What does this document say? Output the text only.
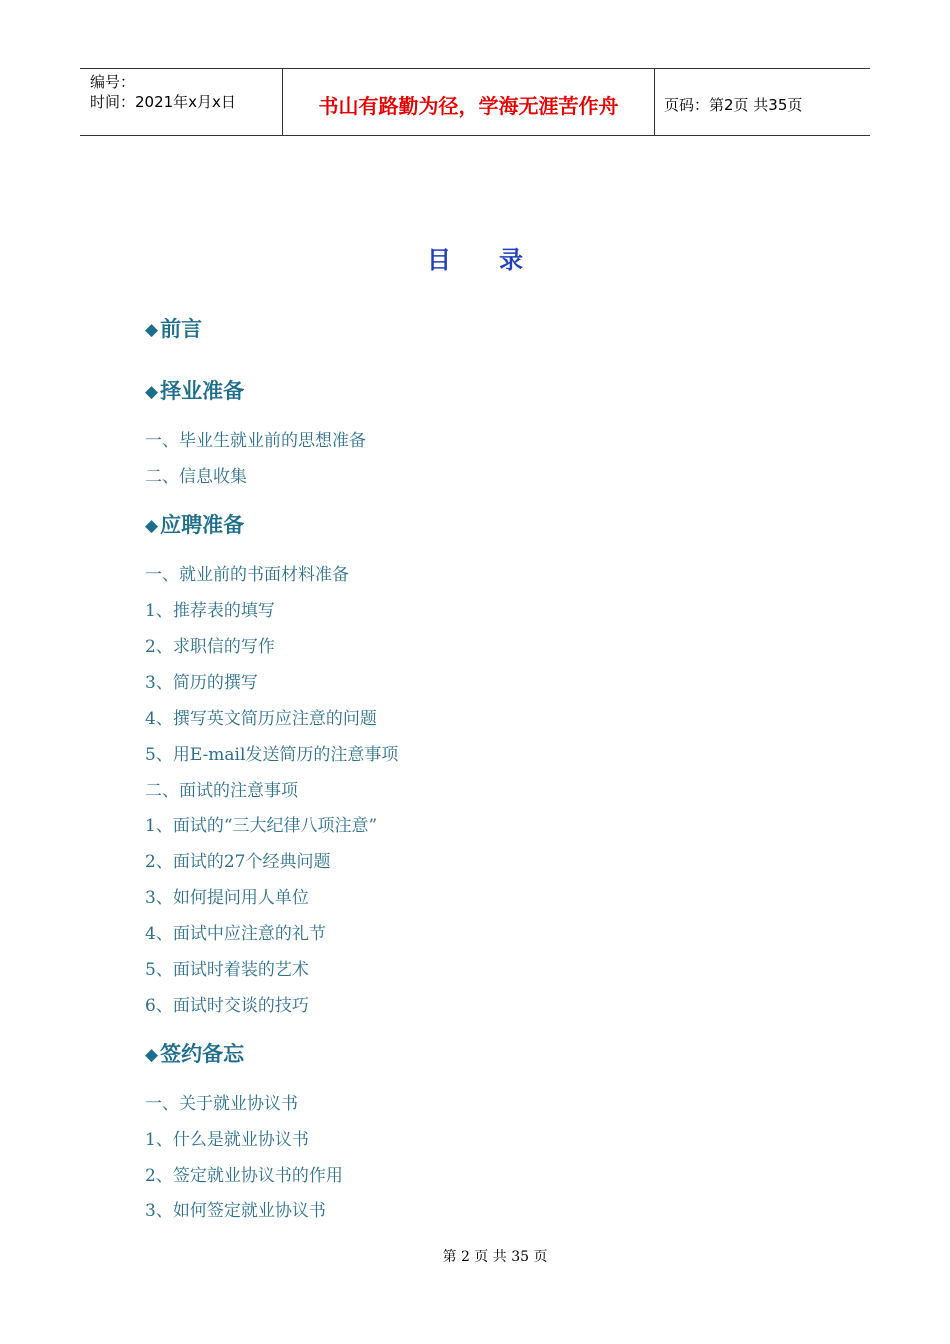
编号：
时间：2021年x月x日	书山有路勤为径，学海无涯苦作舟	页码：第2页 共35页
目录
◆前言
◆择业准备
一、毕业生就业前的思想准备
二、信息收集
◆应聘准备
一、就业前的书面材料准备
1、推荐表的填写
2、求职信的写作
3、简历的撰写
4、撰写英文简历应注意的问题
5、用E-mail发送简历的注意事项
二、面试的注意事项
1、面试的“三大纪律八项注意”
2、面试的27个经典问题
3、如何提问用人单位
4、面试中应注意的礼节
5、面试时着装的艺术
6、面试时交谈的技巧
◆签约备忘
一、关于就业协议书
1、什么是就业协议书
2、签定就业协议书的作用
3、如何签定就业协议书
第 2 页 共 35 页
